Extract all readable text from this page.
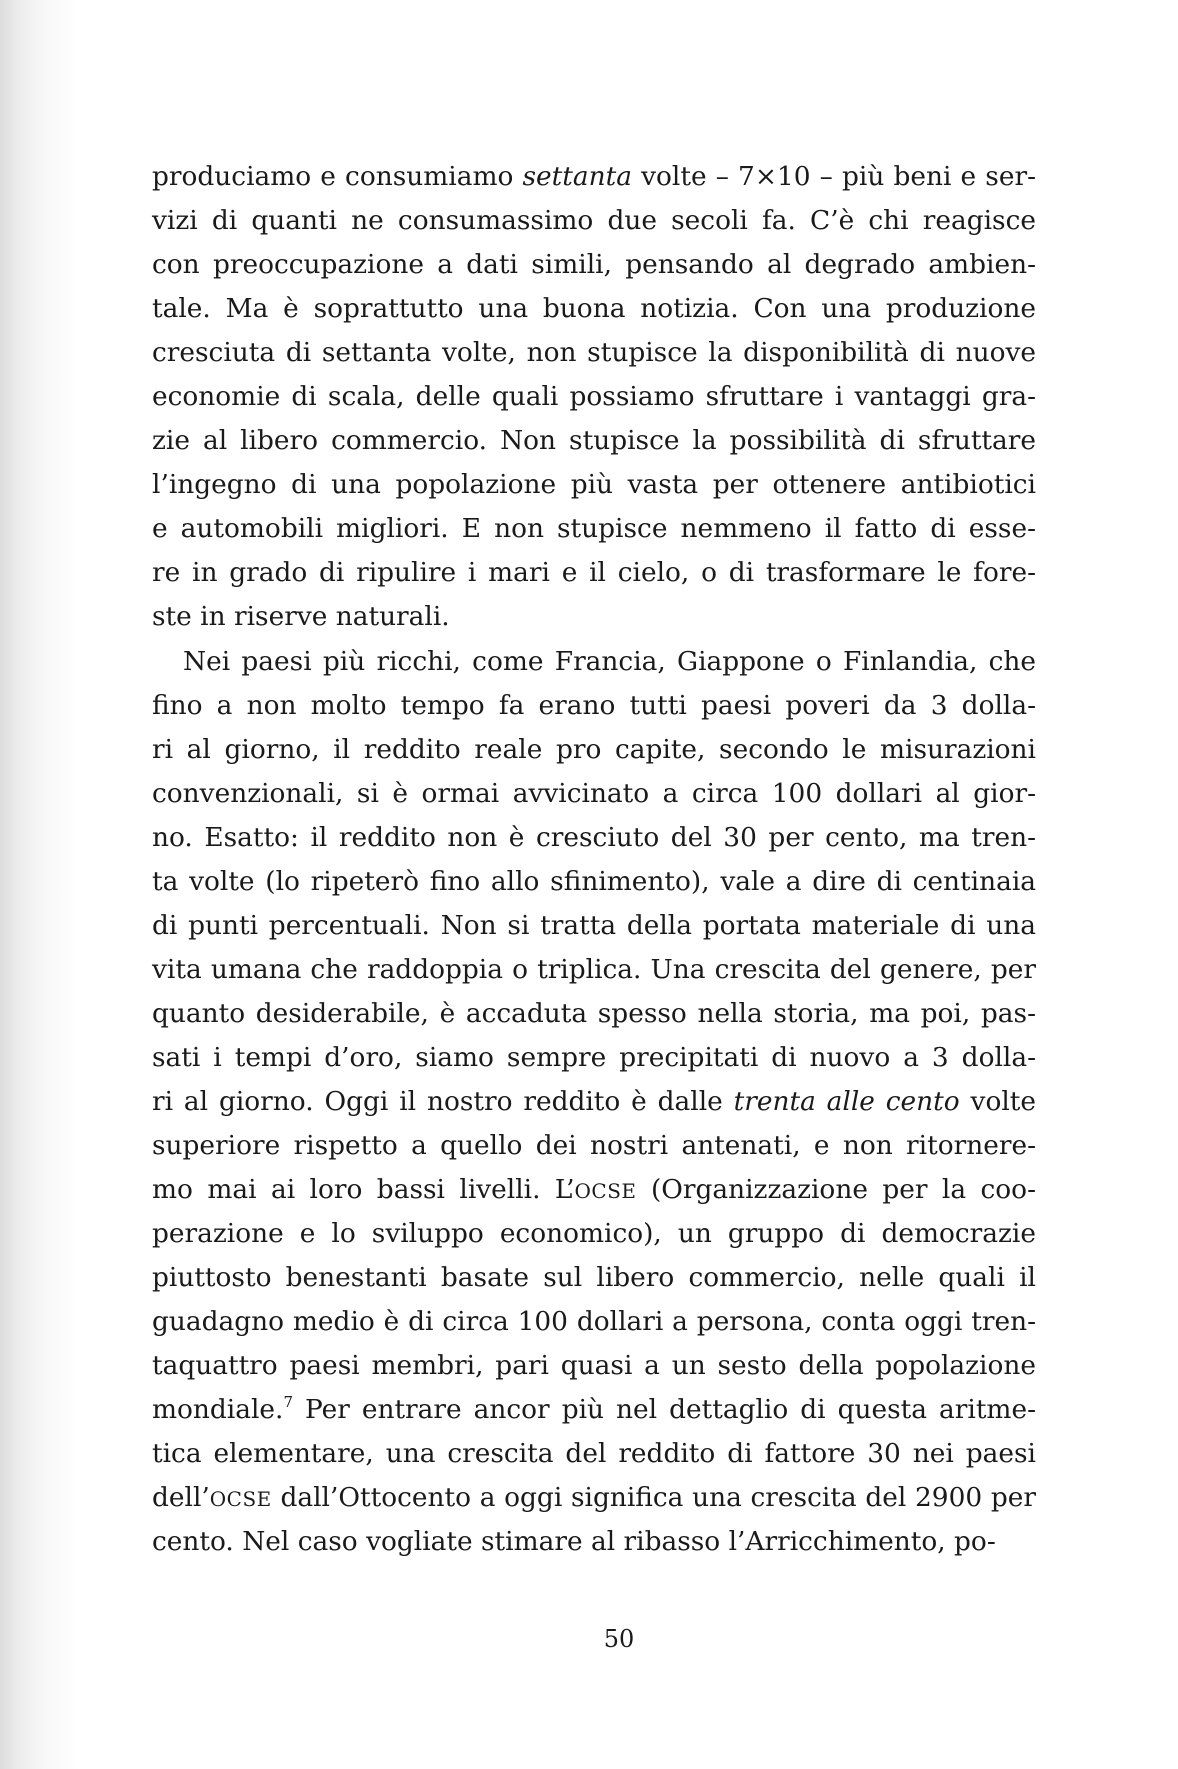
produciamo e consumiamo settanta volte – 7×10 – più beni e ser-
vizi di quanti ne consumassimo due secoli fa. C’è chi reagisce
con preoccupazione a dati simili, pensando al degrado ambien-
tale. Ma è soprattutto una buona notizia. Con una produzione
cresciuta di settanta volte, non stupisce la disponibilità di nuove
economie di scala, delle quali possiamo sfruttare i vantaggi gra-
zie al libero commercio. Non stupisce la possibilità di sfruttare
l’ingegno di una popolazione più vasta per ottenere antibiotici
e automobili migliori. E non stupisce nemmeno il fatto di esse-
re in grado di ripulire i mari e il cielo, o di trasformare le fore-
ste in riserve naturali.
Nei paesi più ricchi, come Francia, Giappone o Finlandia, che
fino a non molto tempo fa erano tutti paesi poveri da 3 dolla-
ri al giorno, il reddito reale pro capite, secondo le misurazioni
convenzionali, si è ormai avvicinato a circa 100 dollari al gior-
no. Esatto: il reddito non è cresciuto del 30 per cento, ma tren-
ta volte (lo ripeterò fino allo sfinimento), vale a dire di centinaia
di punti percentuali. Non si tratta della portata materiale di una
vita umana che raddoppia o triplica. Una crescita del genere, per
quanto desiderabile, è accaduta spesso nella storia, ma poi, pas-
sati i tempi d’oro, siamo sempre precipitati di nuovo a 3 dolla-
ri al giorno. Oggi il nostro reddito è dalle trenta alle cento volte
superiore rispetto a quello dei nostri antenati, e non ritornere-
mo mai ai loro bassi livelli. L’OCSE (Organizzazione per la coo-
perazione e lo sviluppo economico), un gruppo di democrazie
piuttosto benestanti basate sul libero commercio, nelle quali il
guadagno medio è di circa 100 dollari a persona, conta oggi tren-
taquattro paesi membri, pari quasi a un sesto della popolazione
mondiale.$^7$ Per entrare ancor più nel dettaglio di questa aritme-
tica elementare, una crescita del reddito di fattore 30 nei paesi
dell’OCSE dall’Ottocento a oggi significa una crescita del 2900 per
cento. Nel caso vogliate stimare al ribasso l’Arricchimento, po-
50
